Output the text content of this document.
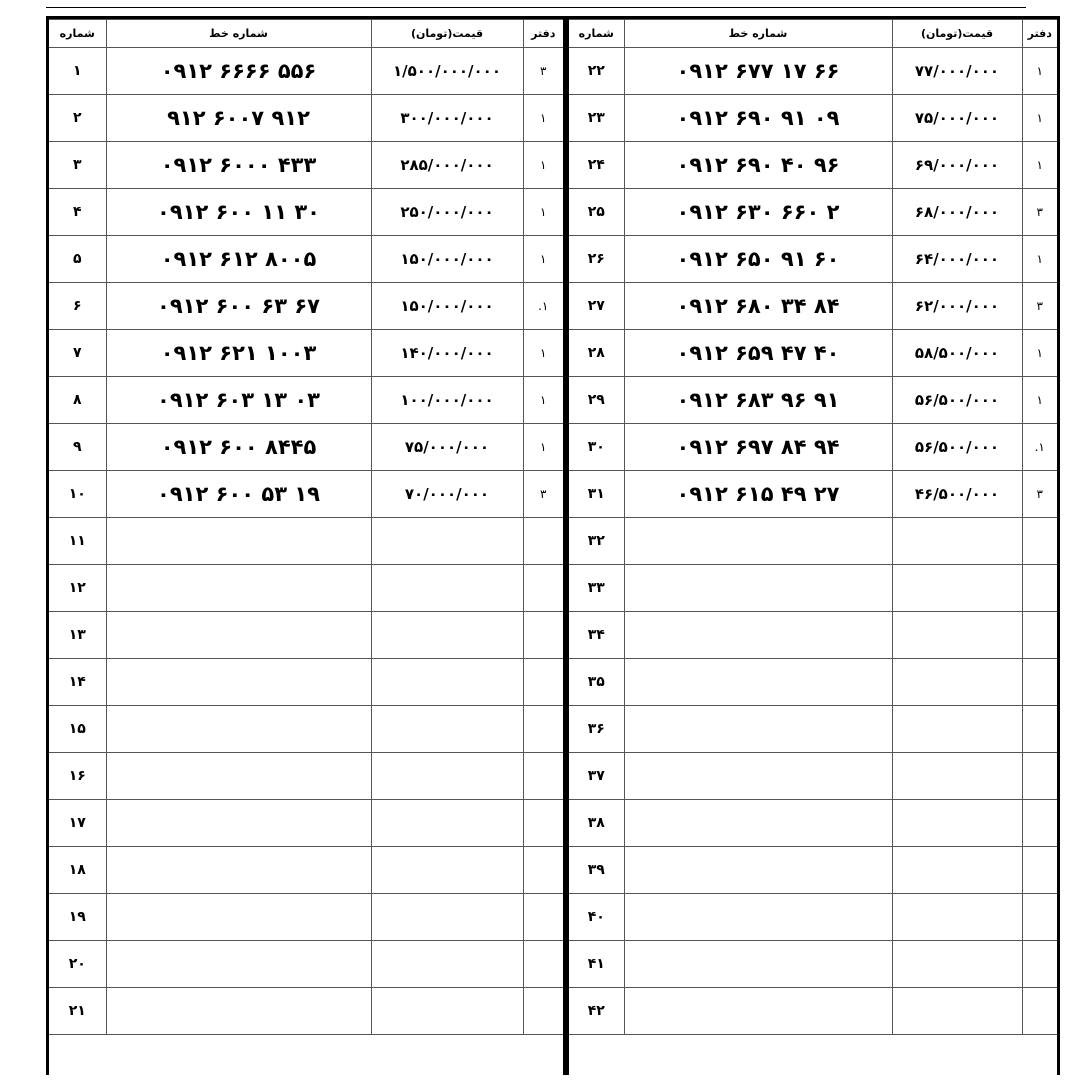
شماره	شماره خط	قیمت(تومان)	دفتر
۱	۰۹۱۲ ۶۶۶۶ ۵۵۶	۱/۵۰۰/۰۰۰/۰۰۰	۳
۲	۹۱۲ ۶۰۰۷ ۹۱۲	۳۰۰/۰۰۰/۰۰۰	۱
۳	۰۹۱۲ ۶۰۰۰ ۴۳۳	۲۸۵/۰۰۰/۰۰۰	۱
۴	۰۹۱۲ ۶۰۰ ۱۱ ۳۰	۲۵۰/۰۰۰/۰۰۰	۱
۵	۰۹۱۲ ۶۱۲ ۸۰۰۵	۱۵۰/۰۰۰/۰۰۰	۱
۶	۰۹۱۲ ۶۰۰ ۶۳ ۶۷	۱۵۰/۰۰۰/۰۰۰	.۱
۷	۰۹۱۲ ۶۲۱ ۱۰۰۳	۱۴۰/۰۰۰/۰۰۰	۱
۸	۰۹۱۲ ۶۰۳ ۱۳ ۰۳	۱۰۰/۰۰۰/۰۰۰	۱
۹	۰۹۱۲ ۶۰۰ ۸۴۴۵	۷۵/۰۰۰/۰۰۰	۱
۱۰	۰۹۱۲ ۶۰۰ ۵۳ ۱۹	۷۰/۰۰۰/۰۰۰	۳
۱۱			
۱۲			
۱۳			
۱۴			
۱۵			
۱۶			
۱۷			
۱۸			
۱۹			
۲۰			
۲۱			
شماره	شماره خط	قیمت(تومان)	دفتر
۲۲	۰۹۱۲ ۶۷۷ ۱۷ ۶۶	۷۷/۰۰۰/۰۰۰	۱
۲۳	۰۹۱۲ ۶۹۰ ۹۱ ۰۹	۷۵/۰۰۰/۰۰۰	۱
۲۴	۰۹۱۲ ۶۹۰ ۴۰ ۹۶	۶۹/۰۰۰/۰۰۰	۱
۲۵	۰۹۱۲ ۶۳۰ ۶۶۰ ۲	۶۸/۰۰۰/۰۰۰	۳
۲۶	۰۹۱۲ ۶۵۰ ۹۱ ۶۰	۶۴/۰۰۰/۰۰۰	۱
۲۷	۰۹۱۲ ۶۸۰ ۳۴ ۸۴	۶۲/۰۰۰/۰۰۰	۳
۲۸	۰۹۱۲ ۶۵۹ ۴۷ ۴۰	۵۸/۵۰۰/۰۰۰	۱
۲۹	۰۹۱۲ ۶۸۳ ۹۶ ۹۱	۵۶/۵۰۰/۰۰۰	۱
۳۰	۰۹۱۲ ۶۹۷ ۸۴ ۹۴	۵۶/۵۰۰/۰۰۰	.۱
۳۱	۰۹۱۲ ۶۱۵ ۴۹ ۲۷	۴۶/۵۰۰/۰۰۰	۳
۳۲			
۳۳			
۳۴			
۳۵			
۳۶			
۳۷			
۳۸			
۳۹			
۴۰			
۴۱			
۴۲			
